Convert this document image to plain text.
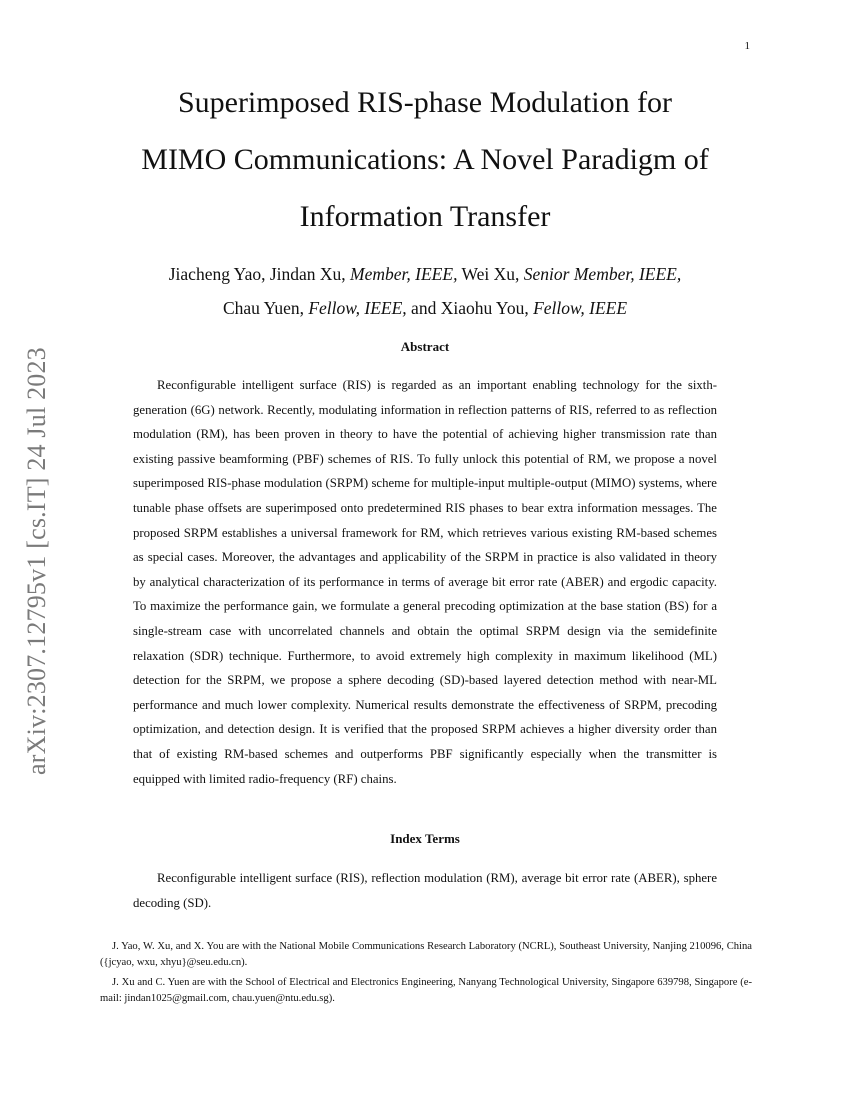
1
arXiv:2307.12795v1 [cs.IT] 24 Jul 2023
Superimposed RIS-phase Modulation for
MIMO Communications: A Novel Paradigm of
Information Transfer
Jiacheng Yao, Jindan Xu, Member, IEEE, Wei Xu, Senior Member, IEEE,
Chau Yuen, Fellow, IEEE, and Xiaohu You, Fellow, IEEE
Abstract

Reconfigurable intelligent surface (RIS) is regarded as an important enabling technology for the sixth-generation (6G) network. Recently, modulating information in reflection patterns of RIS, referred to as reflection modulation (RM), has been proven in theory to have the potential of achieving higher transmission rate than existing passive beamforming (PBF) schemes of RIS. To fully unlock this potential of RM, we propose a novel superimposed RIS-phase modulation (SRPM) scheme for multiple-input multiple-output (MIMO) systems, where tunable phase offsets are superimposed onto predetermined RIS phases to bear extra information messages. The proposed SRPM establishes a universal framework for RM, which retrieves various existing RM-based schemes as special cases. Moreover, the advantages and applicability of the SRPM in practice is also validated in theory by analytical characterization of its performance in terms of average bit error rate (ABER) and ergodic capacity. To maximize the performance gain, we formulate a general precoding optimization at the base station (BS) for a single-stream case with uncorrelated channels and obtain the optimal SRPM design via the semidefinite relaxation (SDR) technique. Furthermore, to avoid extremely high complexity in maximum likelihood (ML) detection for the SRPM, we propose a sphere decoding (SD)-based layered detection method with near-ML performance and much lower complexity. Numerical results demonstrate the effectiveness of SRPM, precoding optimization, and detection design. It is verified that the proposed SRPM achieves a higher diversity order than that of existing RM-based schemes and outperforms PBF significantly especially when the transmitter is equipped with limited radio-frequency (RF) chains.

Index Terms

Reconfigurable intelligent surface (RIS), reflection modulation (RM), average bit error rate (ABER), sphere decoding (SD).

J. Yao, W. Xu, and X. You are with the National Mobile Communications Research Laboratory (NCRL), Southeast University, Nanjing 210096, China ({jcyao, wxu, xhyu}@seu.edu.cn).

J. Xu and C. Yuen are with the School of Electrical and Electronics Engineering, Nanyang Technological University, Singapore 639798, Singapore (e-mail: jindan1025@gmail.com, chau.yuen@ntu.edu.sg).
